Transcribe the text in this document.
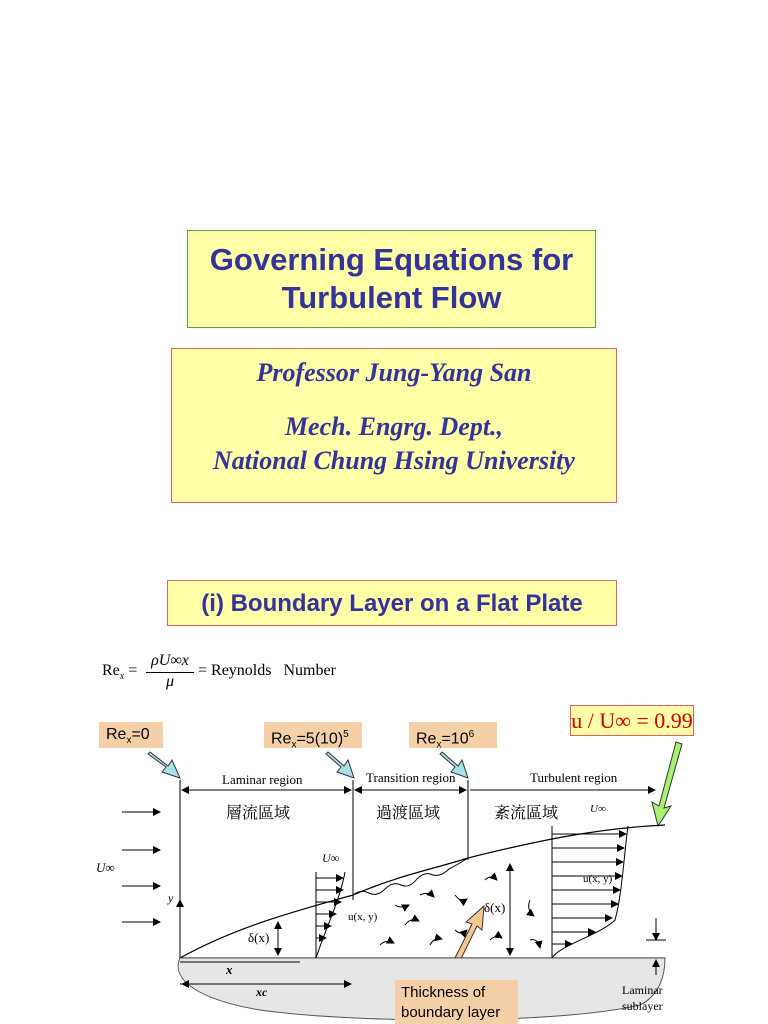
Governing Equations for
Turbulent Flow
Professor Jung-Yang San
Mech. Engrg. Dept.,
National Chung Hsing University
(i) Boundary Layer on a Flat Plate
$Re_x = \frac{\rho U\infty x}{\mu}$ = Reynolds   Number
$Re_x=0$	$Re_x=5(10)^5$	$Re_x=10^6$
u / U∞ = 0.99
Laminar region	Transition region	Turbulent region
層流區域	過渡區域	紊流區域
U∞
y
x
xc
δ(x)
U∞
u(x, y)
δ(x)
U∞
u(x, y)
Laminar
sublayer
Thickness of
boundary layer
